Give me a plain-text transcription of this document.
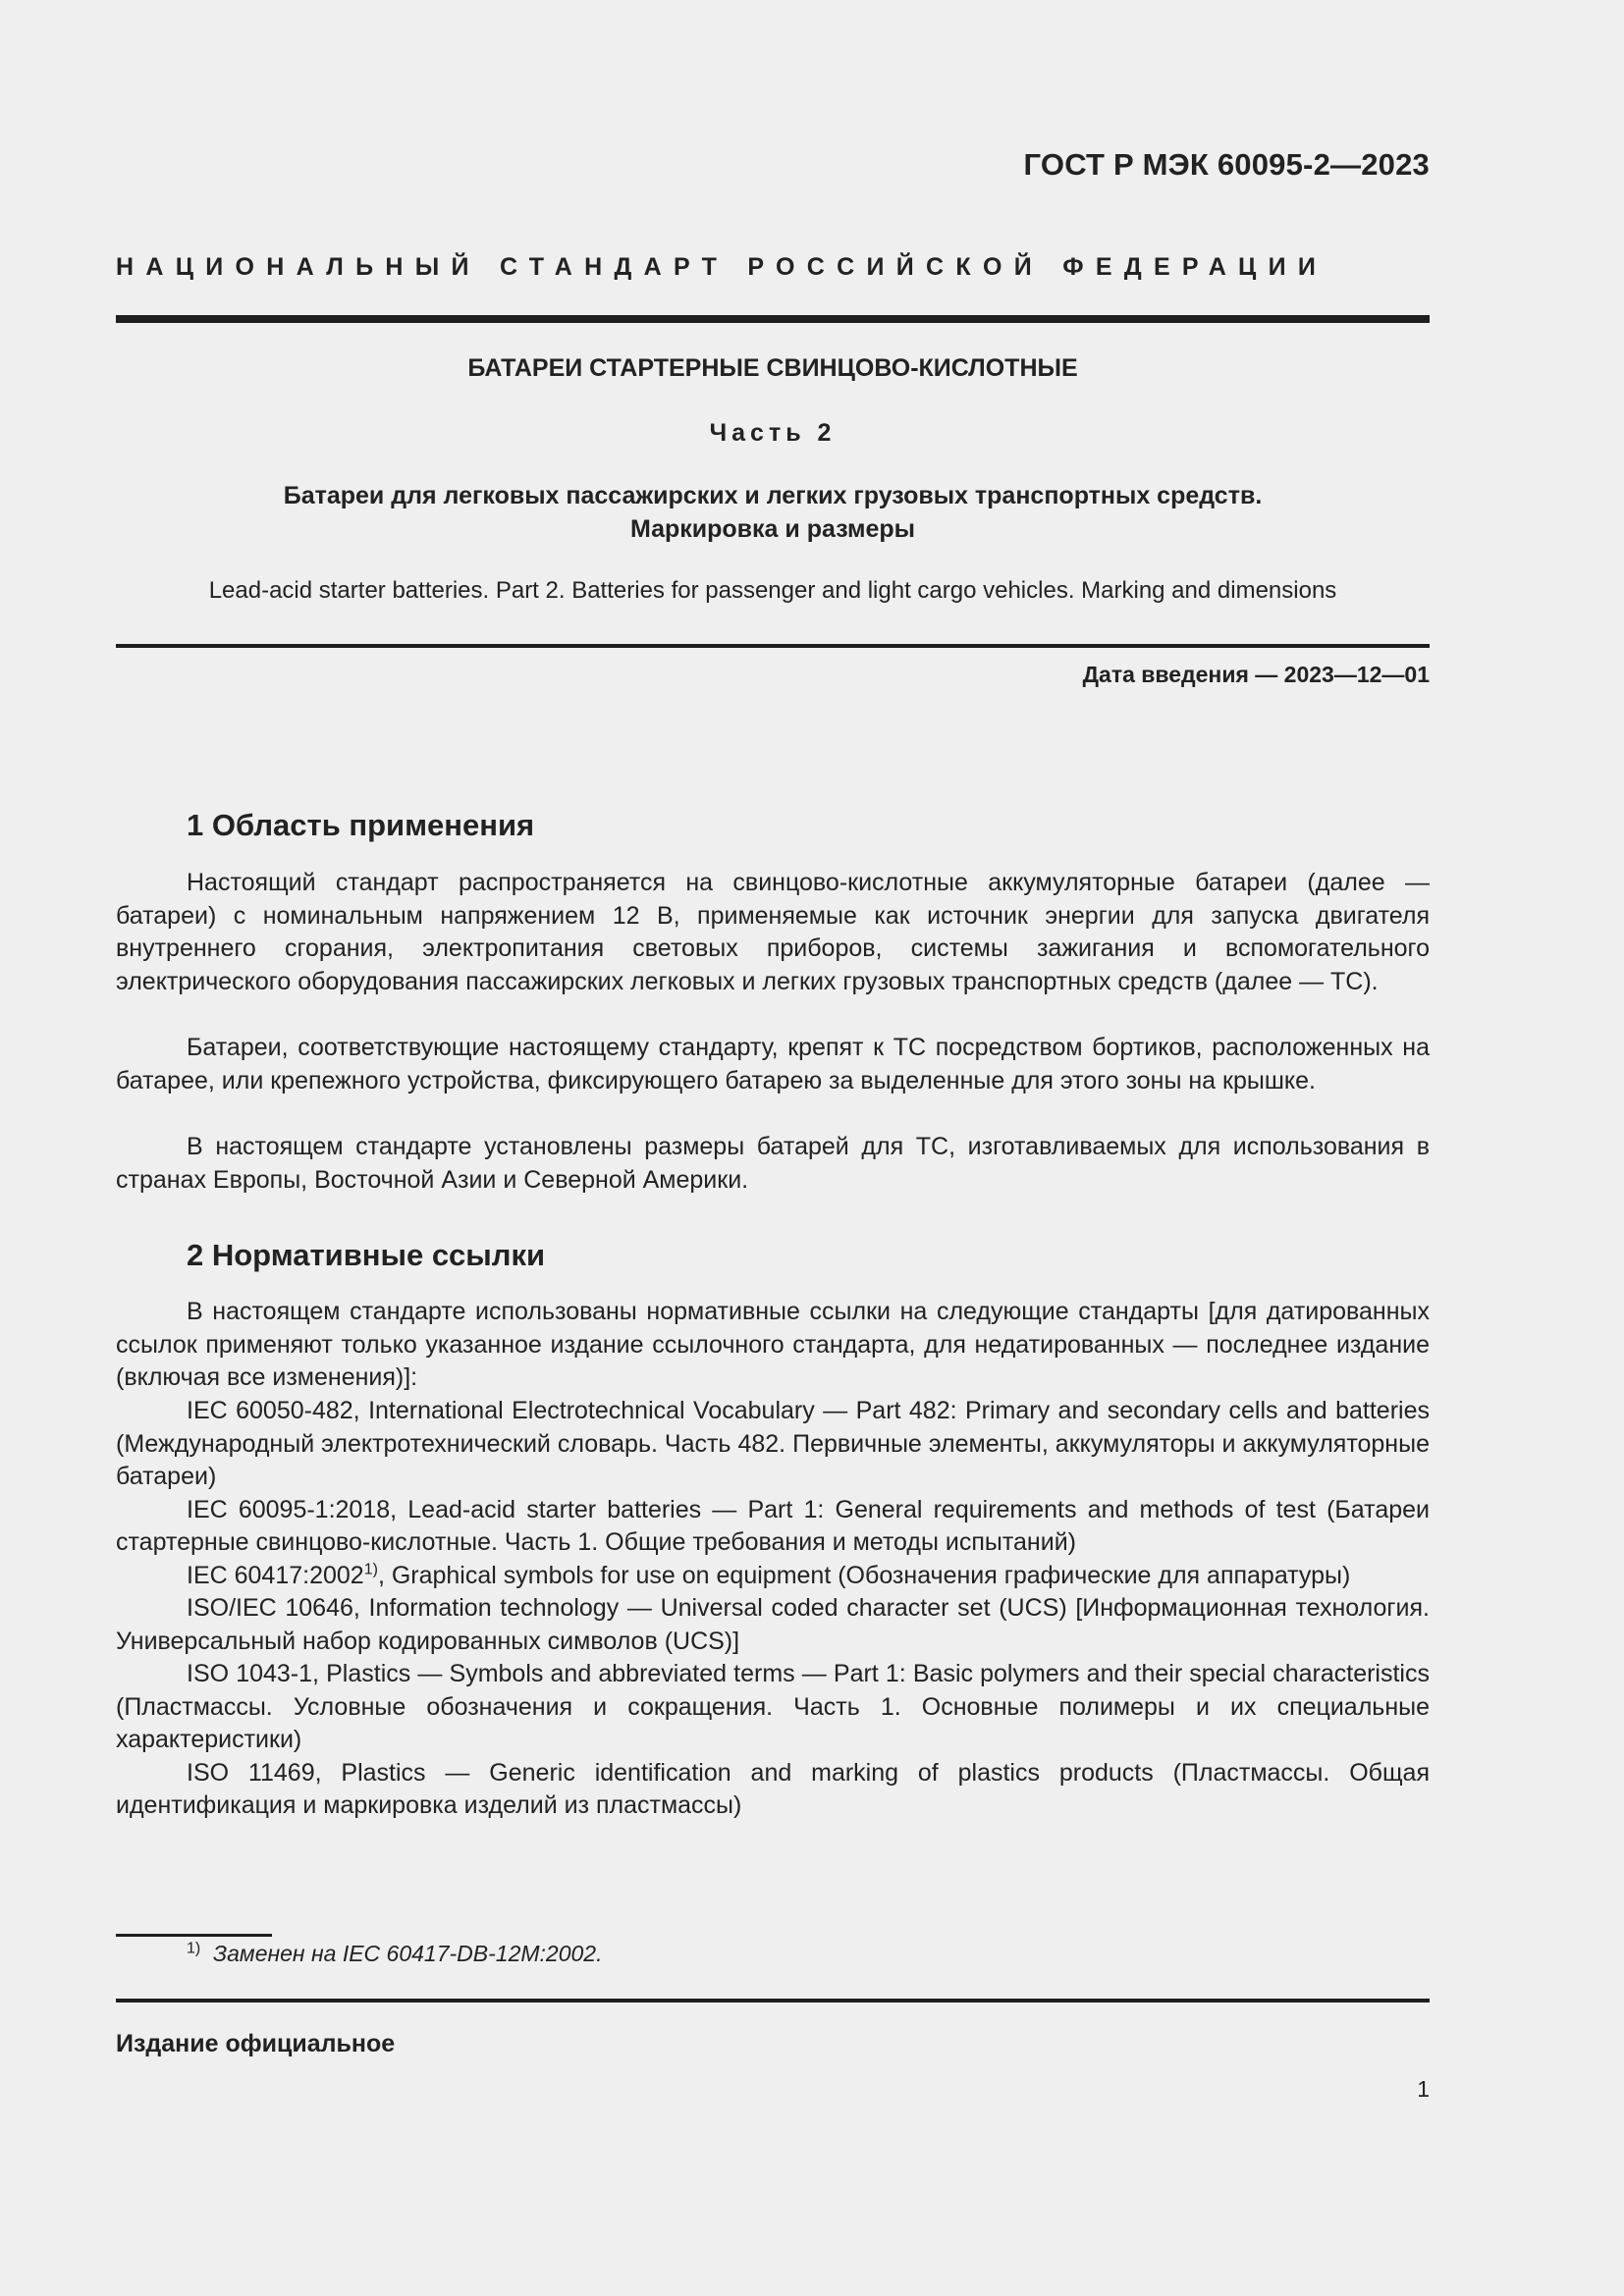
ГОСТ Р МЭК 60095-2—2023
НАЦИОНАЛЬНЫЙ СТАНДАРТ РОССИЙСКОЙ ФЕДЕРАЦИИ
БАТАРЕИ СТАРТЕРНЫЕ СВИНЦОВО-КИСЛОТНЫЕ
Часть 2
Батареи для легковых пассажирских и легких грузовых транспортных средств.
Маркировка и размеры
Lead-acid starter batteries. Part 2. Batteries for passenger and light cargo vehicles. Marking and dimensions
Дата введения — 2023—12—01
1 Область применения

Настоящий стандарт распространяется на свинцово-кислотные аккумуляторные батареи (далее — батареи) с номинальным напряжением 12 В, применяемые как источник энергии для запуска двигателя внутреннего сгорания, электропитания световых приборов, системы зажигания и вспомогательного электрического оборудования пассажирских легковых и легких грузовых транспортных средств (далее — ТС).

Батареи, соответствующие настоящему стандарту, крепят к ТС посредством бортиков, расположенных на батарее, или крепежного устройства, фиксирующего батарею за выделенные для этого зоны на крышке.

В настоящем стандарте установлены размеры батарей для ТС, изготавливаемых для использования в странах Европы, Восточной Азии и Северной Америки.

2 Нормативные ссылки

В настоящем стандарте использованы нормативные ссылки на следующие стандарты [для датированных ссылок применяют только указанное издание ссылочного стандарта, для недатированных — последнее издание (включая все изменения)]:

IEC 60050-482, International Electrotechnical Vocabulary — Part 482: Primary and secondary cells and batteries (Международный электротехнический словарь. Часть 482. Первичные элементы, аккумуляторы и аккумуляторные батареи)

IEC 60095-1:2018, Lead-acid starter batteries — Part 1: General requirements and methods of test (Батареи стартерные свинцово-кислотные. Часть 1. Общие требования и методы испытаний)

IEC 60417:2002$^{1)}$, Graphical symbols for use on equipment (Обозначения графические для аппаратуры)

ISO/IEC 10646, Information technology — Universal coded character set (UCS) [Информационная технология. Универсальный набор кодированных символов (UCS)]

ISO 1043-1, Plastics — Symbols and abbreviated terms — Part 1: Basic polymers and their special characteristics (Пластмассы. Условные обозначения и сокращения. Часть 1. Основные полимеры и их специальные характеристики)

ISO 11469, Plastics — Generic identification and marking of plastics products (Пластмассы. Общая идентификация и маркировка изделий из пластмассы)

$^{1)}$ Заменен на IEC 60417-DB-12M:2002.
Издание официальное
1
